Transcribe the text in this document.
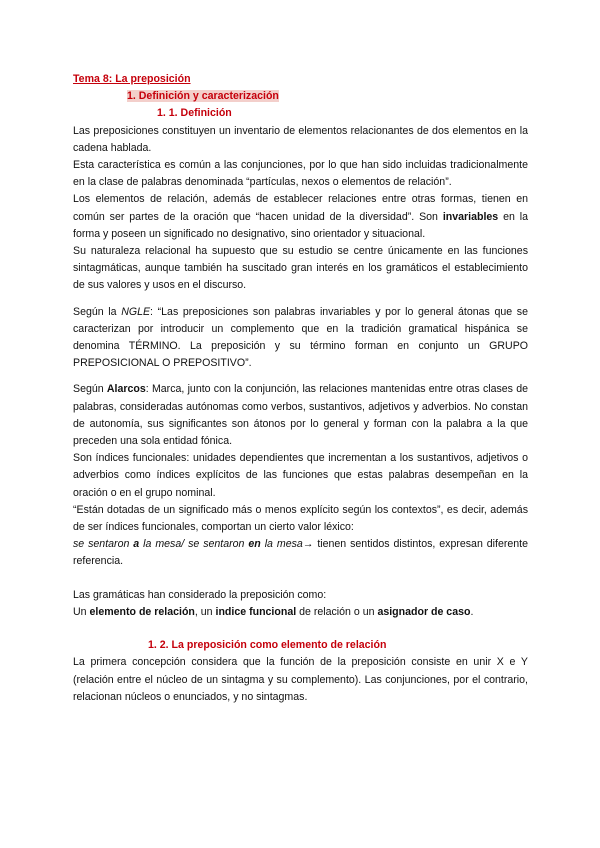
Tema 8: La preposición

1. Definición y caracterización

1. 1. Definición

Las preposiciones constituyen un inventario de elementos relacionantes de dos elementos en la cadena hablada.

Esta característica es común a las conjunciones, por lo que han sido incluidas tradicionalmente en la clase de palabras denominada “partículas, nexos o elementos de relación”.

Los elementos de relación, además de establecer relaciones entre otras formas, tienen en común ser partes de la oración que “hacen unidad de la diversidad”. Son invariables en la forma y poseen un significado no designativo, sino orientador y situacional.

Su naturaleza relacional ha supuesto que su estudio se centre únicamente en las funciones sintagmáticas, aunque también ha suscitado gran interés en los gramáticos el establecimiento de sus valores y usos en el discurso.

Según la NGLE: “Las preposiciones son palabras invariables y por lo general átonas que se caracterizan por introducir un complemento que en la tradición gramatical hispánica se denomina TÉRMINO. La preposición y su término forman en conjunto un GRUPO PREPOSICIONAL O PREPOSITIVO”.

Según Alarcos: Marca, junto con la conjunción, las relaciones mantenidas entre otras clases de palabras, consideradas autónomas como verbos, sustantivos, adjetivos y adverbios. No constan de autonomía, sus significantes son átonos por lo general y forman con la palabra a la que preceden una sola entidad fónica.

Son índices funcionales: unidades dependientes que incrementan a los sustantivos, adjetivos o adverbios como índices explícitos de las funciones que estas palabras desempeñan en la oración o en el grupo nominal.

“Están dotadas de un significado más o menos explícito según los contextos”, es decir, además de ser índices funcionales, comportan un cierto valor léxico:

se sentaron a la mesa/ se sentaron en la mesa→ tienen sentidos distintos, expresan diferente referencia.

Las gramáticas han considerado la preposición como:

Un elemento de relación, un indice funcional de relación o un asignador de caso.

1. 2. La preposición como elemento de relación

La primera concepción considera que la función de la preposición consiste en unir X e Y (relación entre el núcleo de un sintagma y su complemento). Las conjunciones, por el contrario, relacionan núcleos o enunciados, y no sintagmas.
